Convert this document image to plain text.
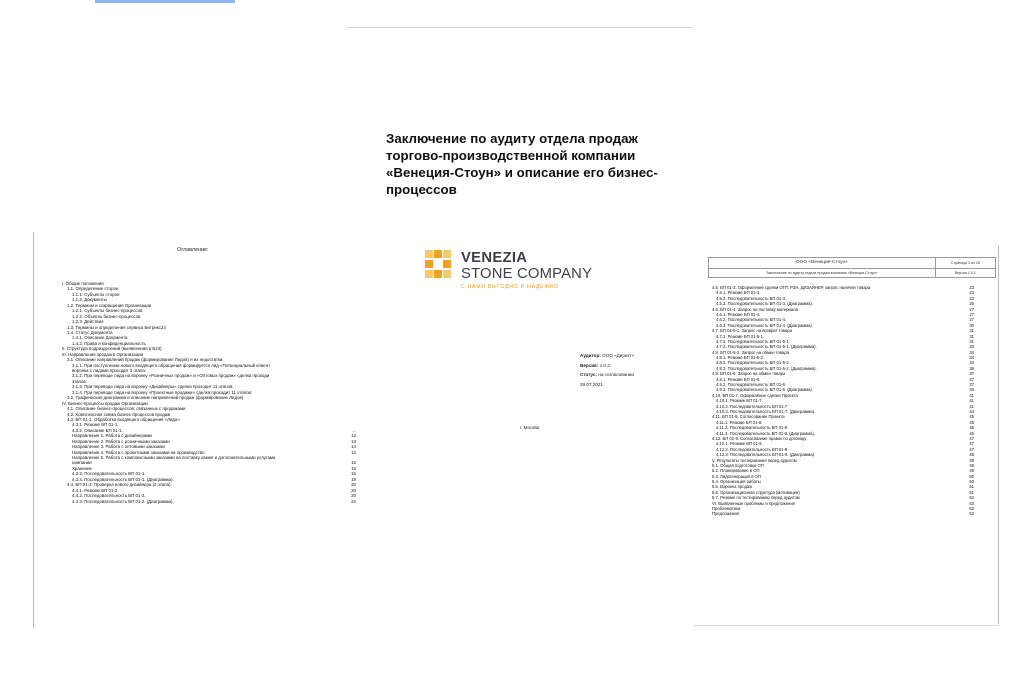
Заключение по аудиту отдела продаж
торгово-производственной компании
«Венеция-Стоун» и описание его бизнес-
процессов
Оглавление:
I. Общие положения
1.1. Определение сторон
1.1.1. Субъекты сторон
1.1.2. Документы
1.2. Термины и сокращения Организации
1.2.1. Субъекты бизнес-процессов
1.2.2. Объекты бизнес-процессов
1.2.3. Действия
1.3. Термины и определения сервиса Битрикс24
1.4. Статус Документа
1.4.1. Описание Документа
1.4.2. Права и конфиденциальность
II. Структура подразделений (выявленная в Б24)
III. Направления продаж в Организации
3.1. Описание направлений продаж (формирование Лидов) и их недостатки.
3.1.1. При поступлении нового входящего обращения формируется лид «Потенциальный клиент
воронка с лидами проходит 3 этапа:
3.1.2. При переводе лида на воронку «Розничных продаж» и «Оптовых продаж» сделка проходи
этапов:
3.1.3. При переводе лида на воронку «Дизайнеры» сделка проходит 11 этапов:
3.1.4. При переводе лида на воронку «Проектные продажи» сделка проходит 11 этапов:
3.2. Графическая диаграмма и описание направлений продаж (формирование Лидов)
IV. Бизнес-процессы продаж Организации
4.1. Описание бизнес-процессов, связанных с продажами
4.2. Комплексная схема бизнес-процессов продаж
4.3. БП 01-1. Обработка входящего обращения «Лида»
4.3.1. Резюме БП 01-1.
4.3.2. Описание БП 01-1.	...
Направление 1. Работа с дизайнерами	13
Направление 2. Работа с розничными заказами	13
Направление 3. Работа с оптовыми заказами	14
Направление 4. Работа с проектными заказами на производство	14
Направление 5. Работа с комплексными заказами на поставку камня и дополнительными услугами
компании	15
Хранение	15
4.3.3. Последовательность БП 01-1.	16
4.3.4. Последовательность БП 01-1. (Диаграмма).	19
4.4. БП 01-2. Проверка нового дизайнера (2 этапа)	20
4.4.1. Резюме БП 01-2.	20
4.4.2. Последовательность БП 01-2.	20
4.4.3. Последовательность БП 01-2. (Диаграмма).	22
VENEZIA
STONE COMPANY
С НАМИ ВЫГОДНО И НАДЕЖНО
Аудитор: ООО «Директ»
Версия: 1.0.2.
Статус: на согласовании
29.07.2021
г. Москва
ООО «Венеция-Стоун»	Страница 3 из 28
Заключение по аудиту отдела продаж компании «Венеция-Стоун»	Версия 1.0.1
4.5. БП 01-3. Оформление сделки ОПТ, РЗН, ДИЗАЙНЕР, запрос наличия товара	23
4.5.1. Резюме БП 01-3.	23
4.5.2. Последовательность БП 01-3.	23
4.5.3. Последовательность БП 01-3. (Диаграмма).	26
4.6. БП 01-4. Запрос на поставку материала	27
4.6.1. Резюме БП 01-4.	27
4.6.2. Последовательность БП 01-4.	27
4.6.3. Последовательность БП 01-4. (Диаграмма).	30
4.7. БП 01-5-1. Запрос на возврат товара	31
4.7.1. Резюме БП 01-5-1.	31
4.7.2. Последовательность БП 01-5-1	31
4.7.3. Последовательность БП 01-5-1. (Диаграмма).	33
4.8. БП 01-5-2. Запрос на обмен товара	34
4.8.1. Резюме БП 01-5-2.	34
4.8.2. Последовательность БП 01-5-2	34
4.8.3. Последовательность БП 01-5-2. (Диаграмма).	36
4.9. БП 01-6. Запрос на обмен товара	37
4.9.1. Резюме БП 01-6.	37
4.9.2. Последовательность БП 01-6	37
4.9.3. Последовательность БП 01-6. (Диаграмма).	40
4.10. БП 01-7. Оформление сделки Проекта	41
4.10.1. Резюме БП 01-7.	41
4.10.2. Последовательность БП 01-7	41
4.10.3. Последовательность БП 01-7. (Диаграмма).	44
4.11. БП 01-8. Согласование Проекта	45
4.11.1. Резюме БП 01-8.	45
4.11.2. Последовательность БП 01-8	45
4.11.3. Последовательность БП 01-8. (Диаграмма).	46
4.12. БП 01-9. Согласование правок по договору	47
4.12.1. Резюме БП 01-9.	47
4.12.2. Последовательность БП 01-9	47
4.12.3. Последовательность БП 01-9. (Диаграмма).	48
V. Результаты тестирования перед аудитом	49
5.1. Общая подготовка ОП	49
5.2. Планирование в ОП	49
5.3. Лидогенерация в ОП	50
5.4. Организация работы	50
5.5. Воронка продаж	51
5.6. Организационная структура (мотивация)	51
5.7. Резюме по тестированию перед аудитом	52
VI. Выявленные проблемы и предложения	53
Проблематика	53
Предложения	53
